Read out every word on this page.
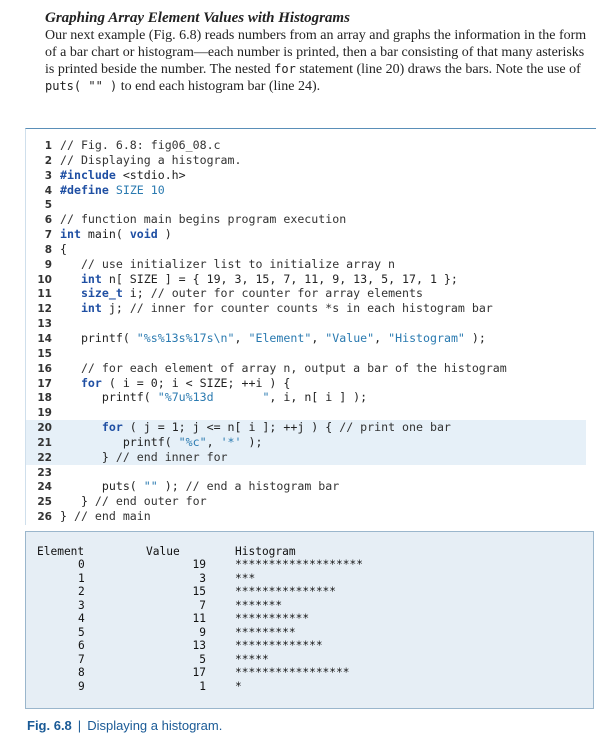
Graphing Array Element Values with Histograms

Our next example (Fig. 6.8) reads numbers from an array and graphs the information in the form of a bar chart or histogram—each number is printed, then a bar consisting of that many asterisks is printed beside the number. The nested for statement (line 20) draws the bars. Note the use of puts( "" ) to end each histogram bar (line 24).

1 // Fig. 6.8: fig06_08.c
2 // Displaying a histogram.
3 #include <stdio.h>
4 #define SIZE 10
5
6 // function main begins program execution
7 int main( void )
8 {
9   // use initializer list to initialize array n
10   int n[ SIZE ] = { 19, 3, 15, 7, 11, 9, 13, 5, 17, 1 };
11   size_t i; // outer for counter for array elements
12   int j; // inner for counter counts *s in each histogram bar
13
14   printf( "%s%13s%17s\n", "Element", "Value", "Histogram" );
15
16   // for each element of array n, output a bar of the histogram
17   for ( i = 0; i < SIZE; ++i ) {
18      printf( "%7u%13d       ", i, n[ i ] );
19
20      for ( j = 1; j <= n[ i ]; ++j ) { // print one bar
21         printf( "%c", '*' );
22      } // end inner for
23
24      puts( "" ); // end a histogram bar
25   } // end outer for
26 } // end main
Element	Value	Histogram
0	19	*******************
1	3	***
2	15	***************
3	7	*******
4	11	***********
5	9	*********
6	13	*************
7	5	*****
8	17	*****************
9	1	*
Fig. 6.8 | Displaying a histogram.
